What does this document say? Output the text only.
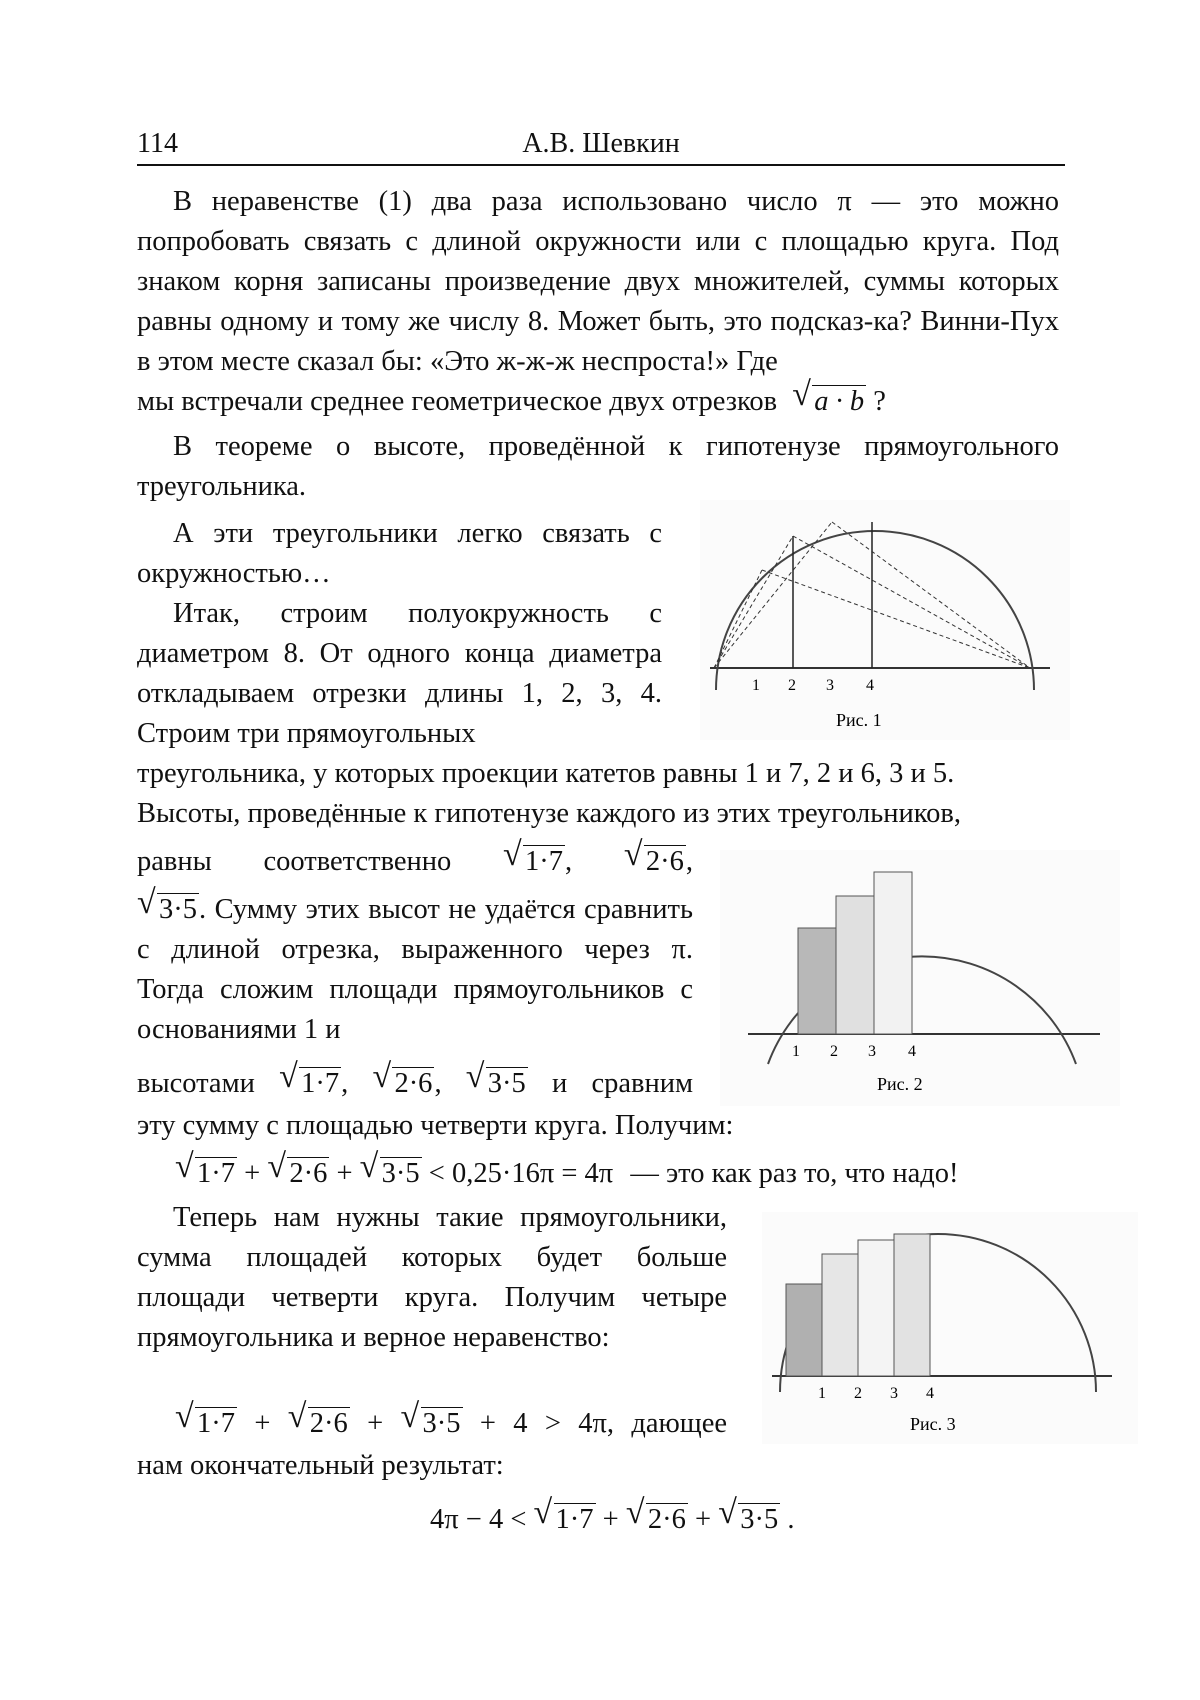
114	А.В. Шевкин

В неравенстве (1) два раза использовано число π — это можно попробовать связать с длиной окружности или с площадью круга. Под знаком корня записаны произведение двух множителей, суммы которых равны одному и тому же числу 8. Может быть, это подсказ-ка? Винни-Пух в этом месте сказал бы: «Это ж-ж-ж неспроста!» Где

мы встречали среднее геометрическое двух отрезков √ a · b ?

В теореме о высоте, проведённой к гипотенузе прямоугольного треугольника.

А эти треугольники легко связать с окружностью…

Итак, строим полуокружность с диаметром 8. От одного конца диаметра откладываем отрезки длины 1, 2, 3, 4. Строим три прямоугольных

треугольника, у которых проекции катетов равны 1 и 7, 2 и 6, 3 и 5.

Высоты, проведённые к гипотенузе каждого из этих треугольников,

равны соответственно √ 1·7, √ 2·6,

√ 3·5. Сумму этих высот не удаётся сравнить с длиной отрезка, выраженного через π. Тогда сложим площади прямоугольников с основаниями 1 и

высотами √ 1·7, √ 2·6, √ 3·5 и сравним

эту сумму с площадью четверти круга. Получим:

√ 1·7 + √ 2·6 + √ 3·5 < 0,25·16π = 4π — это как раз то, что надо!

Теперь нам нужны такие прямоугольники, сумма площадей которых будет больше площади четверти круга. Получим четыре прямоугольника и верное неравенство:

√ 1·7 + √ 2·6 + √ 3·5 + 4 > 4π, дающее

нам окончательный результат:

4π − 4 < √ 1·7 + √ 2·6 + √ 3·5 .
1 2 3 4
Рис. 1
1 2 3 4
Рис. 2
1 2 3 4
Рис. 3
